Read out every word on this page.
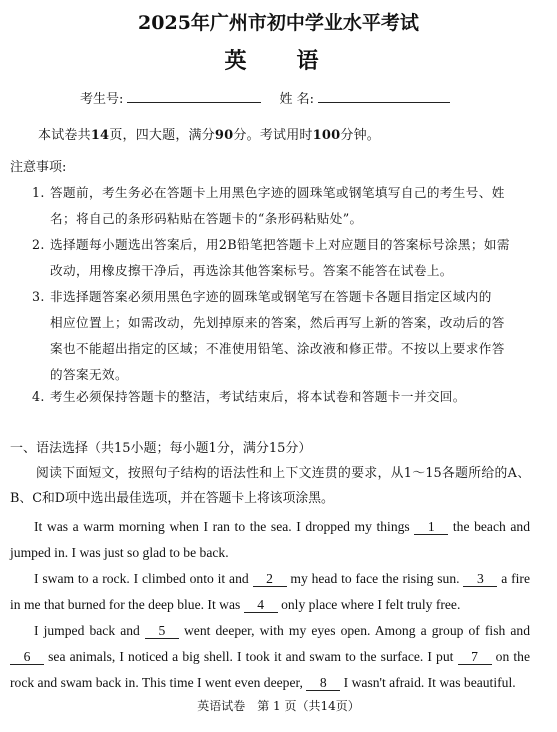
2025年广州市初中学业水平考试
英　语
考生号:	姓 名:
本试卷共14页，四大题，满分90分。考试用时100分钟。
注意事项:
1. 答题前，考生务必在答题卡上用黑色字迹的圆珠笔或钢笔填写自己的考生号、姓
名；将自己的条形码粘贴在答题卡的“条形码粘贴处”。
2. 选择题每小题选出答案后，用2B铅笔把答题卡上对应题目的答案标号涂黑；如需
改动，用橡皮擦干净后，再选涂其他答案标号。答案不能答在试卷上。
3. 非选择题答案必须用黑色字迹的圆珠笔或钢笔写在答题卡各题目指定区域内的
相应位置上；如需改动，先划掉原来的答案，然后再写上新的答案，改动后的答
案也不能超出指定的区域；不准使用铅笔、涂改液和修正带。不按以上要求作答
的答案无效。
4. 考生必须保持答题卡的整洁，考试结束后，将本试卷和答题卡一并交回。
一、语法选择（共15小题；每小题1分，满分15分）
阅读下面短文，按照句子结构的语法性和上下文连贯的要求，从1～15各题所给的A、B、C和D项中选出最佳选项，并在答题卡上将该项涂黑。
It was a warm morning when I ran to the sea. I dropped my things 1 the beach and jumped in. I was just so glad to be back.
I swam to a rock. I climbed onto it and 2 my head to face the rising sun. 3 a fire in me that burned for the deep blue. It was 4 only place where I felt truly free.
I jumped back and 5 went deeper, with my eyes open. Among a group of fish and 6 sea animals, I noticed a big shell. I took it and swam to the surface. I put 7 on the rock and swam back in. This time I went even deeper, 8 I wasn't afraid. It was beautiful.
英语试卷　第 1 页（共14页）
